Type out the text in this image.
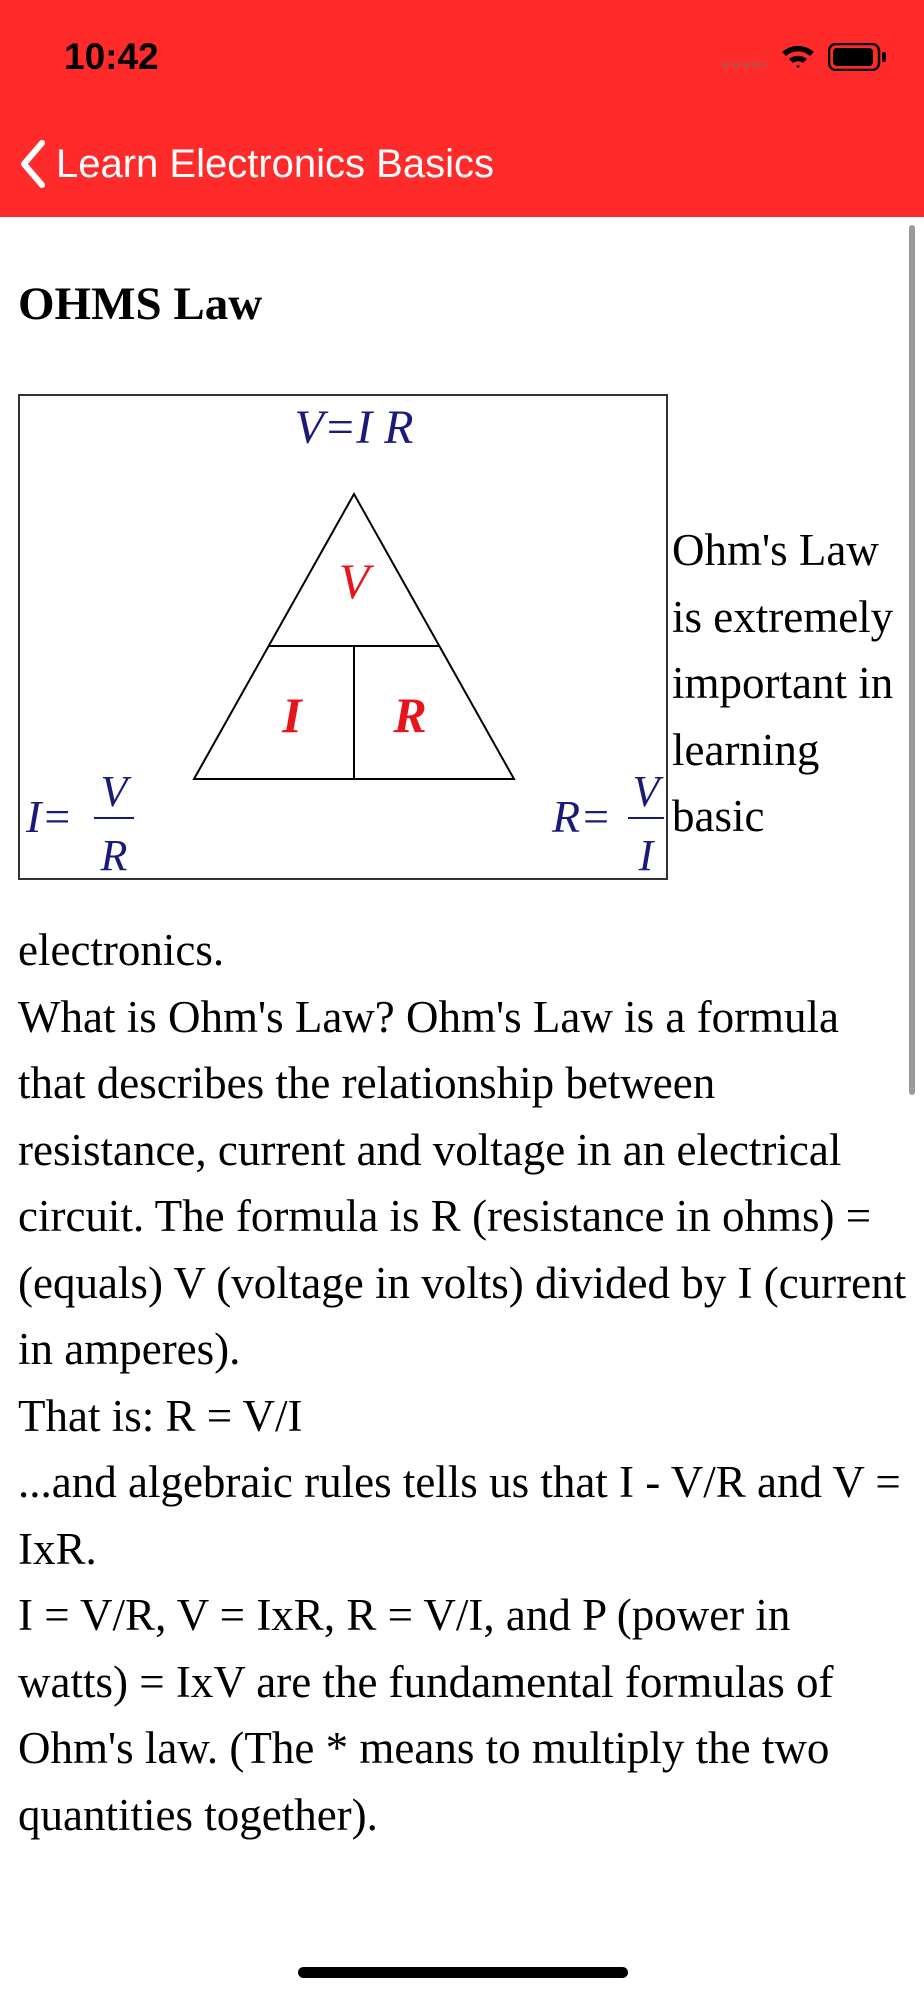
10:42
Learn Electronics Basics
OHMS Law
V=I R
V
I R
I= V
R
R= V
I
Ohm's Law is extremely important in learning basic

electronics.

What is Ohm's Law? Ohm's Law is a formula that describes the relationship between resistance, current and voltage in an electrical circuit. The formula is R (resistance in ohms) = (equals) V (voltage in volts) divided by I (current in amperes).

That is: R = V/I

...and algebraic rules tells us that I - V/R and V = IxR.

I = V/R, V = IxR, R = V/I, and P (power in watts) = IxV are the fundamental formulas of Ohm's law. (The * means to multiply the two quantities together).
